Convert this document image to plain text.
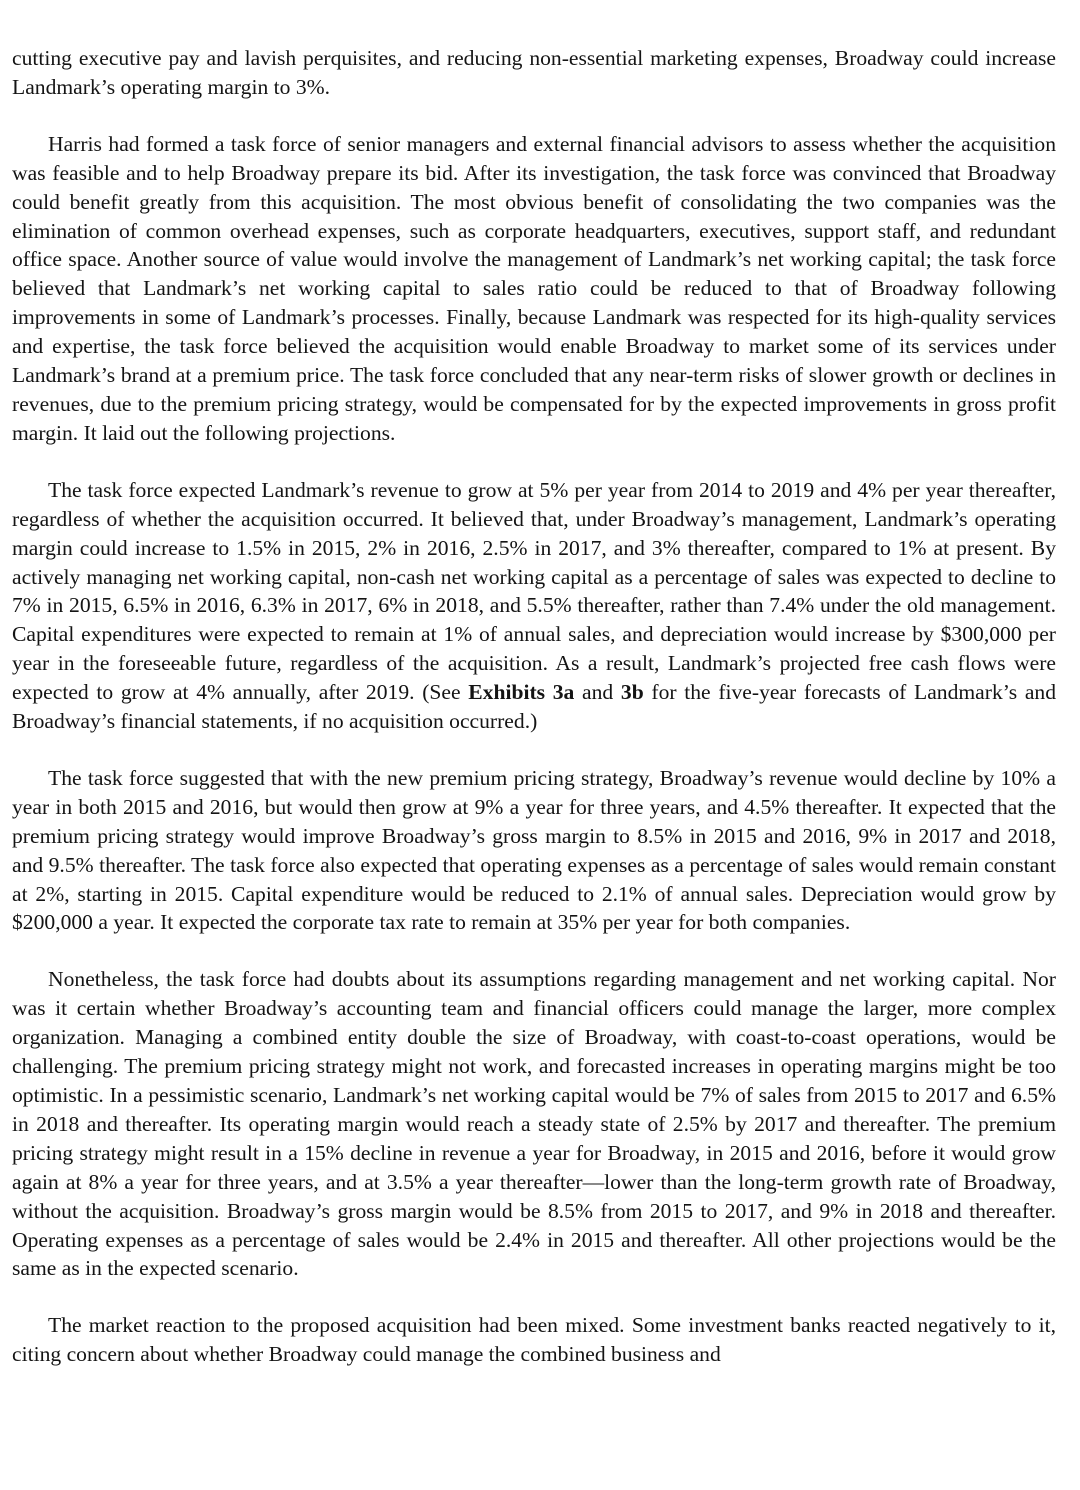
cutting executive pay and lavish perquisites, and reducing non-essential marketing expenses, Broadway could increase Landmark’s operating margin to 3%.

Harris had formed a task force of senior managers and external financial advisors to assess whether the acquisition was feasible and to help Broadway prepare its bid. After its investigation, the task force was convinced that Broadway could benefit greatly from this acquisition. The most obvious benefit of consolidating the two companies was the elimination of common overhead expenses, such as corporate headquarters, executives, support staff, and redundant office space. Another source of value would involve the management of Landmark’s net working capital; the task force believed that Landmark’s net working capital to sales ratio could be reduced to that of Broadway following improvements in some of Landmark’s processes. Finally, because Landmark was respected for its high-quality services and expertise, the task force believed the acquisition would enable Broadway to market some of its services under Landmark’s brand at a premium price. The task force concluded that any near-term risks of slower growth or declines in revenues, due to the premium pricing strategy, would be compensated for by the expected improvements in gross profit margin. It laid out the following projections.

The task force expected Landmark’s revenue to grow at 5% per year from 2014 to 2019 and 4% per year thereafter, regardless of whether the acquisition occurred. It believed that, under Broadway’s management, Landmark’s operating margin could increase to 1.5% in 2015, 2% in 2016, 2.5% in 2017, and 3% thereafter, compared to 1% at present. By actively managing net working capital, non-cash net working capital as a percentage of sales was expected to decline to 7% in 2015, 6.5% in 2016, 6.3% in 2017, 6% in 2018, and 5.5% thereafter, rather than 7.4% under the old management. Capital expenditures were expected to remain at 1% of annual sales, and depreciation would increase by $300,000 per year in the foreseeable future, regardless of the acquisition. As a result, Landmark’s projected free cash flows were expected to grow at 4% annually, after 2019. (See Exhibits 3a and 3b for the five-year forecasts of Landmark’s and Broadway’s financial statements, if no acquisition occurred.)

The task force suggested that with the new premium pricing strategy, Broadway’s revenue would decline by 10% a year in both 2015 and 2016, but would then grow at 9% a year for three years, and 4.5% thereafter. It expected that the premium pricing strategy would improve Broadway’s gross margin to 8.5% in 2015 and 2016, 9% in 2017 and 2018, and 9.5% thereafter. The task force also expected that operating expenses as a percentage of sales would remain constant at 2%, starting in 2015. Capital expenditure would be reduced to 2.1% of annual sales. Depreciation would grow by $200,000 a year. It expected the corporate tax rate to remain at 35% per year for both companies.

Nonetheless, the task force had doubts about its assumptions regarding management and net working capital. Nor was it certain whether Broadway’s accounting team and financial officers could manage the larger, more complex organization. Managing a combined entity double the size of Broadway, with coast-to-coast operations, would be challenging. The premium pricing strategy might not work, and forecasted increases in operating margins might be too optimistic. In a pessimistic scenario, Landmark’s net working capital would be 7% of sales from 2015 to 2017 and 6.5% in 2018 and thereafter. Its operating margin would reach a steady state of 2.5% by 2017 and thereafter. The premium pricing strategy might result in a 15% decline in revenue a year for Broadway, in 2015 and 2016, before it would grow again at 8% a year for three years, and at 3.5% a year thereafter—lower than the long-term growth rate of Broadway, without the acquisition. Broadway’s gross margin would be 8.5% from 2015 to 2017, and 9% in 2018 and thereafter. Operating expenses as a percentage of sales would be 2.4% in 2015 and thereafter. All other projections would be the same as in the expected scenario.

The market reaction to the proposed acquisition had been mixed. Some investment banks reacted negatively to it, citing concern about whether Broadway could manage the combined business and
